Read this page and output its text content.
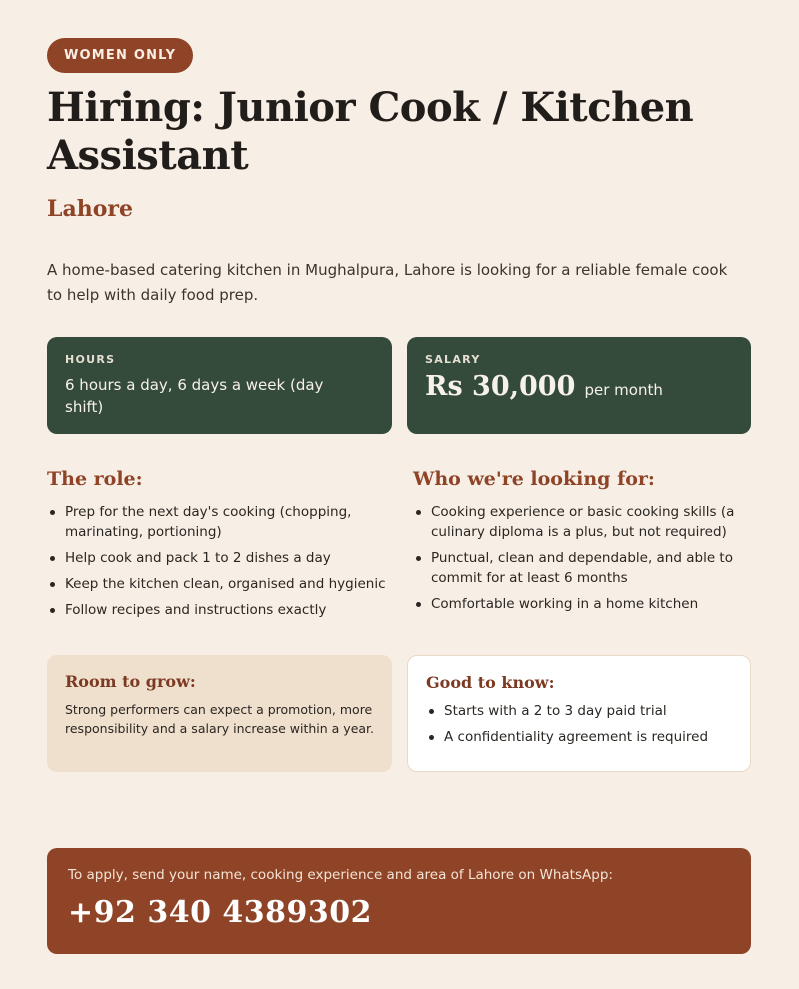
WOMEN ONLY
Hiring: Junior Cook / Kitchen Assistant
Lahore

A home-based catering kitchen in Mughalpura, Lahore is looking for a reliable female cook to help with daily food prep.

HOURS
6 hours a day, 6 days a week (day shift)
SALARY
Rs 30,000 per month
The role:
Prep for the next day's cooking (chopping, marinating, portioning)
Help cook and pack 1 to 2 dishes a day
Keep the kitchen clean, organised and hygienic
Follow recipes and instructions exactly
Who we're looking for:
Cooking experience or basic cooking skills (a culinary diploma is a plus, but not required)
Punctual, clean and dependable, and able to commit for at least 6 months
Comfortable working in a home kitchen
Room to grow:
Strong performers can expect a promotion, more responsibility and a salary increase within a year.
Good to know:
Starts with a 2 to 3 day paid trial
A confidentiality agreement is required
To apply, send your name, cooking experience and area of Lahore on WhatsApp:
+92 340 4389302
